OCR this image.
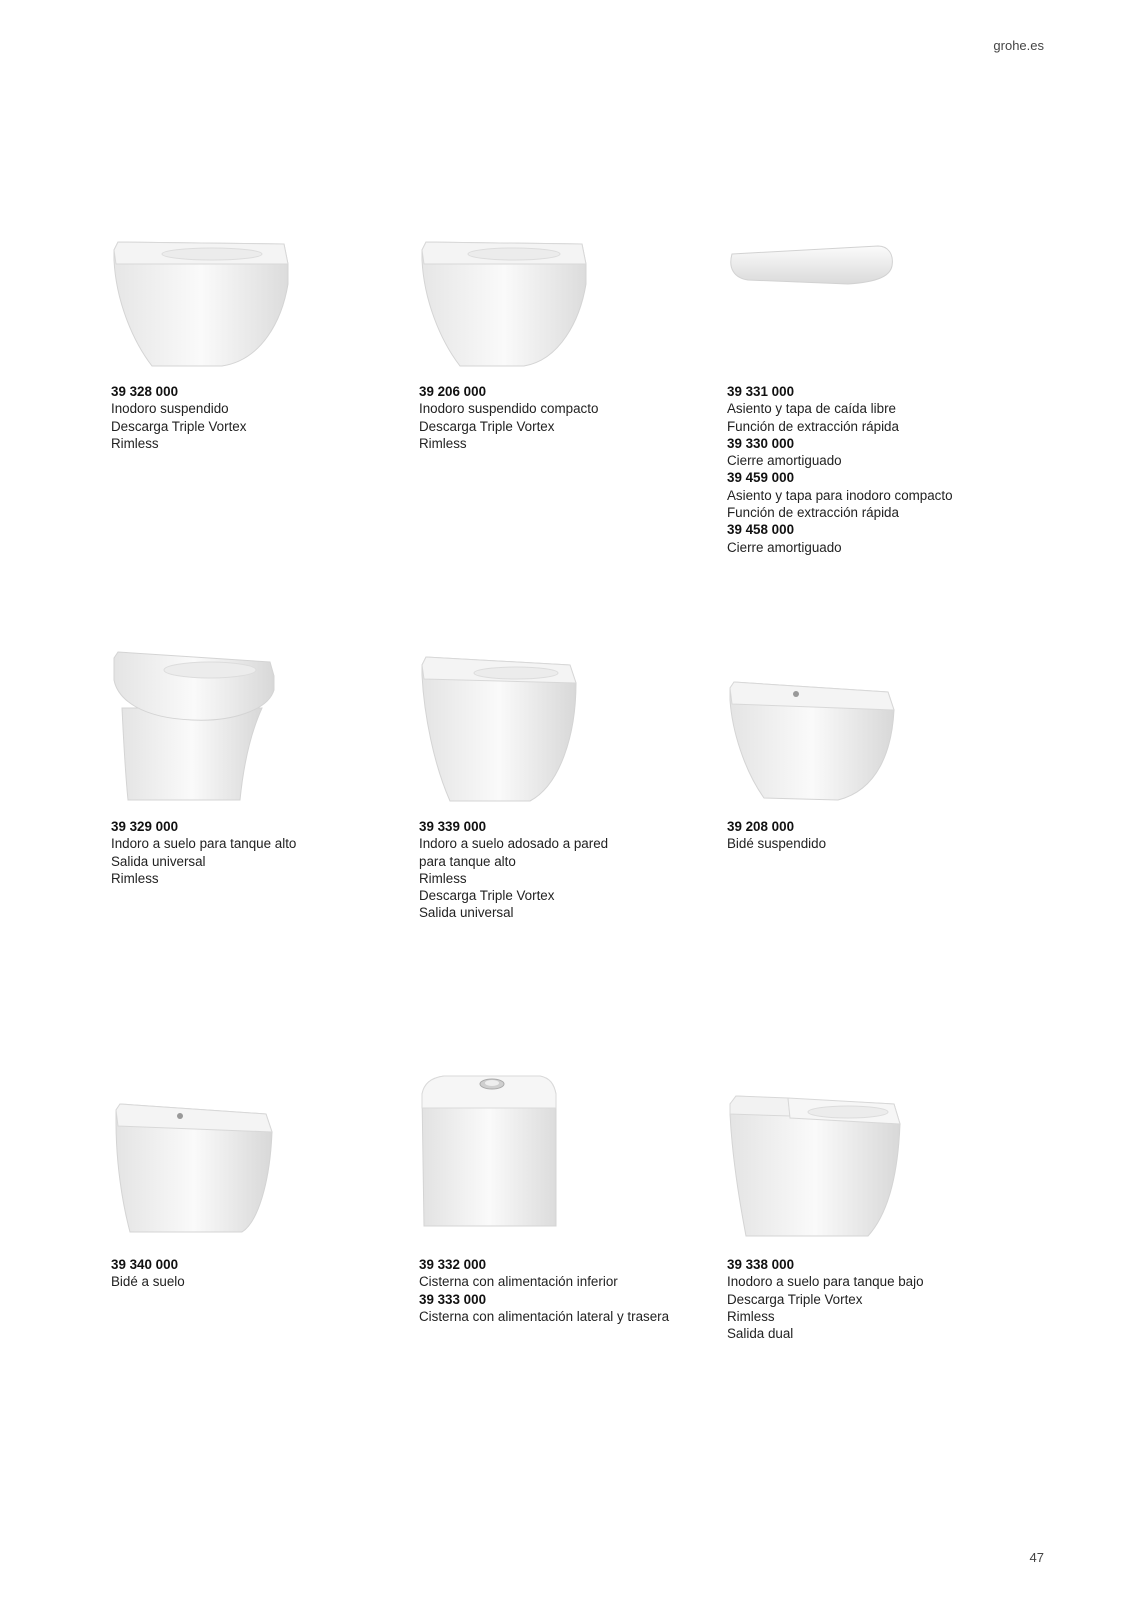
grohe.es
39 328 000
Inodoro suspendido
Descarga Triple Vortex
Rimless
39 206 000
Inodoro suspendido compacto
Descarga Triple Vortex
Rimless
39 331 000
Asiento y tapa de caída libre
Función de extracción rápida
39 330 000
Cierre amortiguado
39 459 000
Asiento y tapa para inodoro compacto
Función de extracción rápida
39 458 000
Cierre amortiguado
39 329 000
Indoro a suelo para tanque alto
Salida universal
Rimless
39 339 000
Indoro a suelo adosado a pared
para tanque alto
Rimless
Descarga Triple Vortex
Salida universal
39 208 000
Bidé suspendido
39 340 000
Bidé a suelo
39 332 000
Cisterna con alimentación inferior
39 333 000
Cisterna con alimentación lateral y trasera
39 338 000
Inodoro a suelo para tanque bajo
Descarga Triple Vortex
Rimless
Salida dual
47
